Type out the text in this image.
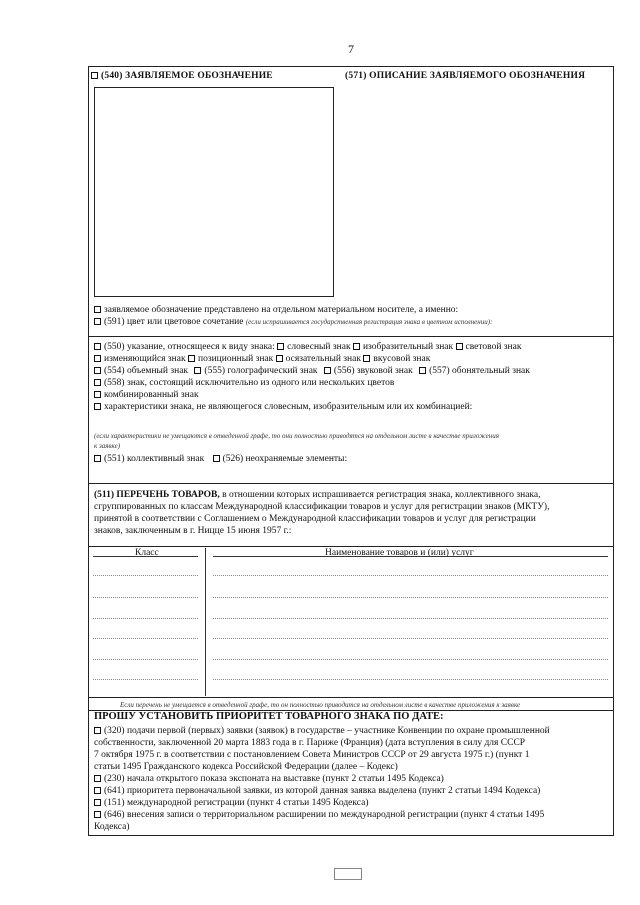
7
(540) ЗАЯВЛЯЕМОЕ ОБОЗНАЧЕНИЕ	(571) ОПИСАНИЕ ЗАЯВЛЯЕМОГО ОБОЗНАЧЕНИЯ
заявляемое обозначение представлено на отдельном материальном носителе, а именно:
(591) цвет или цветовое сочетание (если испрашивается государственная регистрация знака в цветном исполнении):
(550) указание, относящееся к виду знака: словесный знак изобразительный знак световой знак
изменяющийся знак позиционный знак осязательный знак вкусовой знак
(554) объемный знак (555) голографический знак (556) звуковой знак (557) обонятельный знак
(558) знак, состоящий исключительно из одного или нескольких цветов
комбинированный знак
характеристики знака, не являющегося словесным, изобразительным или их комбинацией:
(если характеристики не умещаются в отведенной графе, то они полностью приводятся на отдельном листе в качестве приложения
к заявке)
(551) коллективный знак (526) неохраняемые элементы:
(511) ПЕРЕЧЕНЬ ТОВАРОВ, в отношении которых испрашивается регистрация знака, коллективного знака,
сгруппированных по классам Международной классификации товаров и услуг для регистрации знаков (МКТУ),
принятой в соответствии с Соглашением о Международной классификации товаров и услуг для регистрации
знаков, заключенным в г. Ницце 15 июня 1957 г.:
Класс	Наименование товаров и (или) услуг
Если перечень не умещается в отведенной графе, то он полностью приводится на отдельном листе в качестве приложения к заявке
ПРОШУ УСТАНОВИТЬ ПРИОРИТЕТ ТОВАРНОГО ЗНАКА ПО ДАТЕ:
(320) подачи первой (первых) заявки (заявок) в государстве – участнике Конвенции по охране промышленной
собственности, заключенной 20 марта 1883 года в г. Париже (Франция) (дата вступления в силу для СССР
7 октября 1975 г. в соответствии с постановлением Совета Министров СССР от 29 августа 1975 г.) (пункт 1
статьи 1495 Гражданского кодекса Российской Федерации (далее – Кодекс)
(230) начала открытого показа экспоната на выставке (пункт 2 статьи 1495 Кодекса)
(641) приоритета первоначальной заявки, из которой данная заявка выделена (пункт 2 статьи 1494 Кодекса)
(151) международной регистрации (пункт 4 статьи 1495 Кодекса)
(646) внесения записи о территориальном расширении по международной регистрации (пункт 4 статьи 1495
Кодекса)
